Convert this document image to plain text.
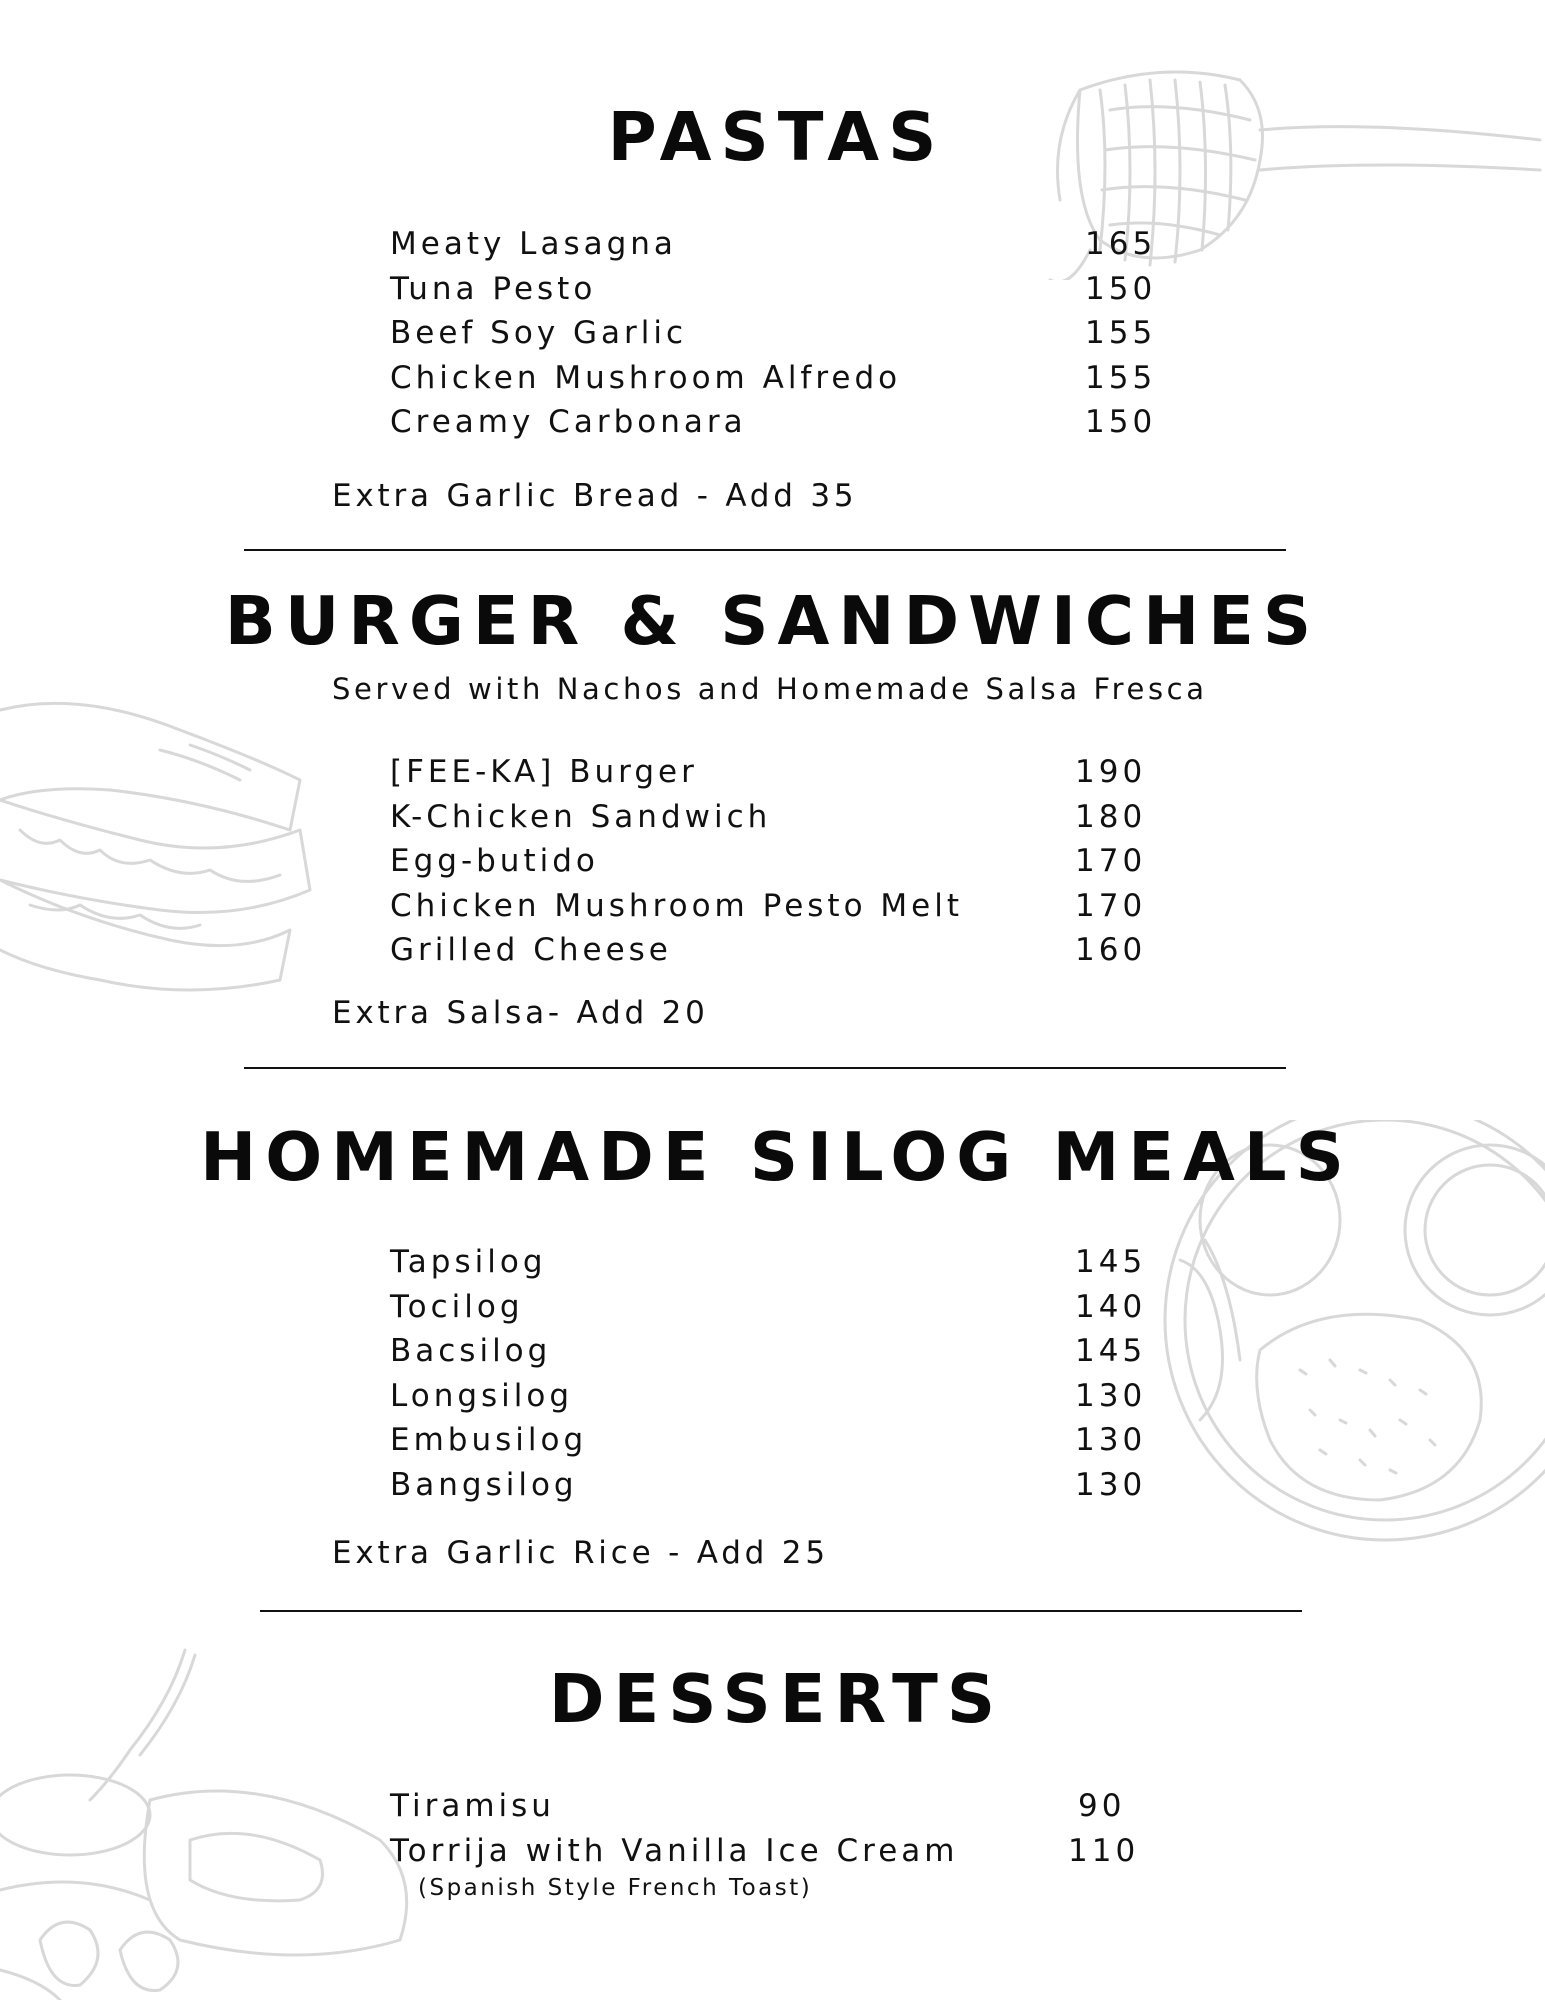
PASTAS
Meaty Lasagna	165
Tuna Pesto	150
Beef Soy Garlic	155
Chicken Mushroom Alfredo	155
Creamy Carbonara	150
Extra Garlic Bread - Add 35
BURGER & SANDWICHES
Served with Nachos and Homemade Salsa Fresca
[FEE-KA] Burger	190
K-Chicken Sandwich	180
Egg-butido	170
Chicken Mushroom Pesto Melt	170
Grilled Cheese	160
Extra Salsa- Add 20
HOMEMADE SILOG MEALS
Tapsilog	145
Tocilog	140
Bacsilog	145
Longsilog	130
Embusilog	130
Bangsilog	130
Extra Garlic Rice - Add 25
DESSERTS
Tiramisu	90
Torrija with Vanilla Ice Cream	110
(Spanish Style French Toast)
